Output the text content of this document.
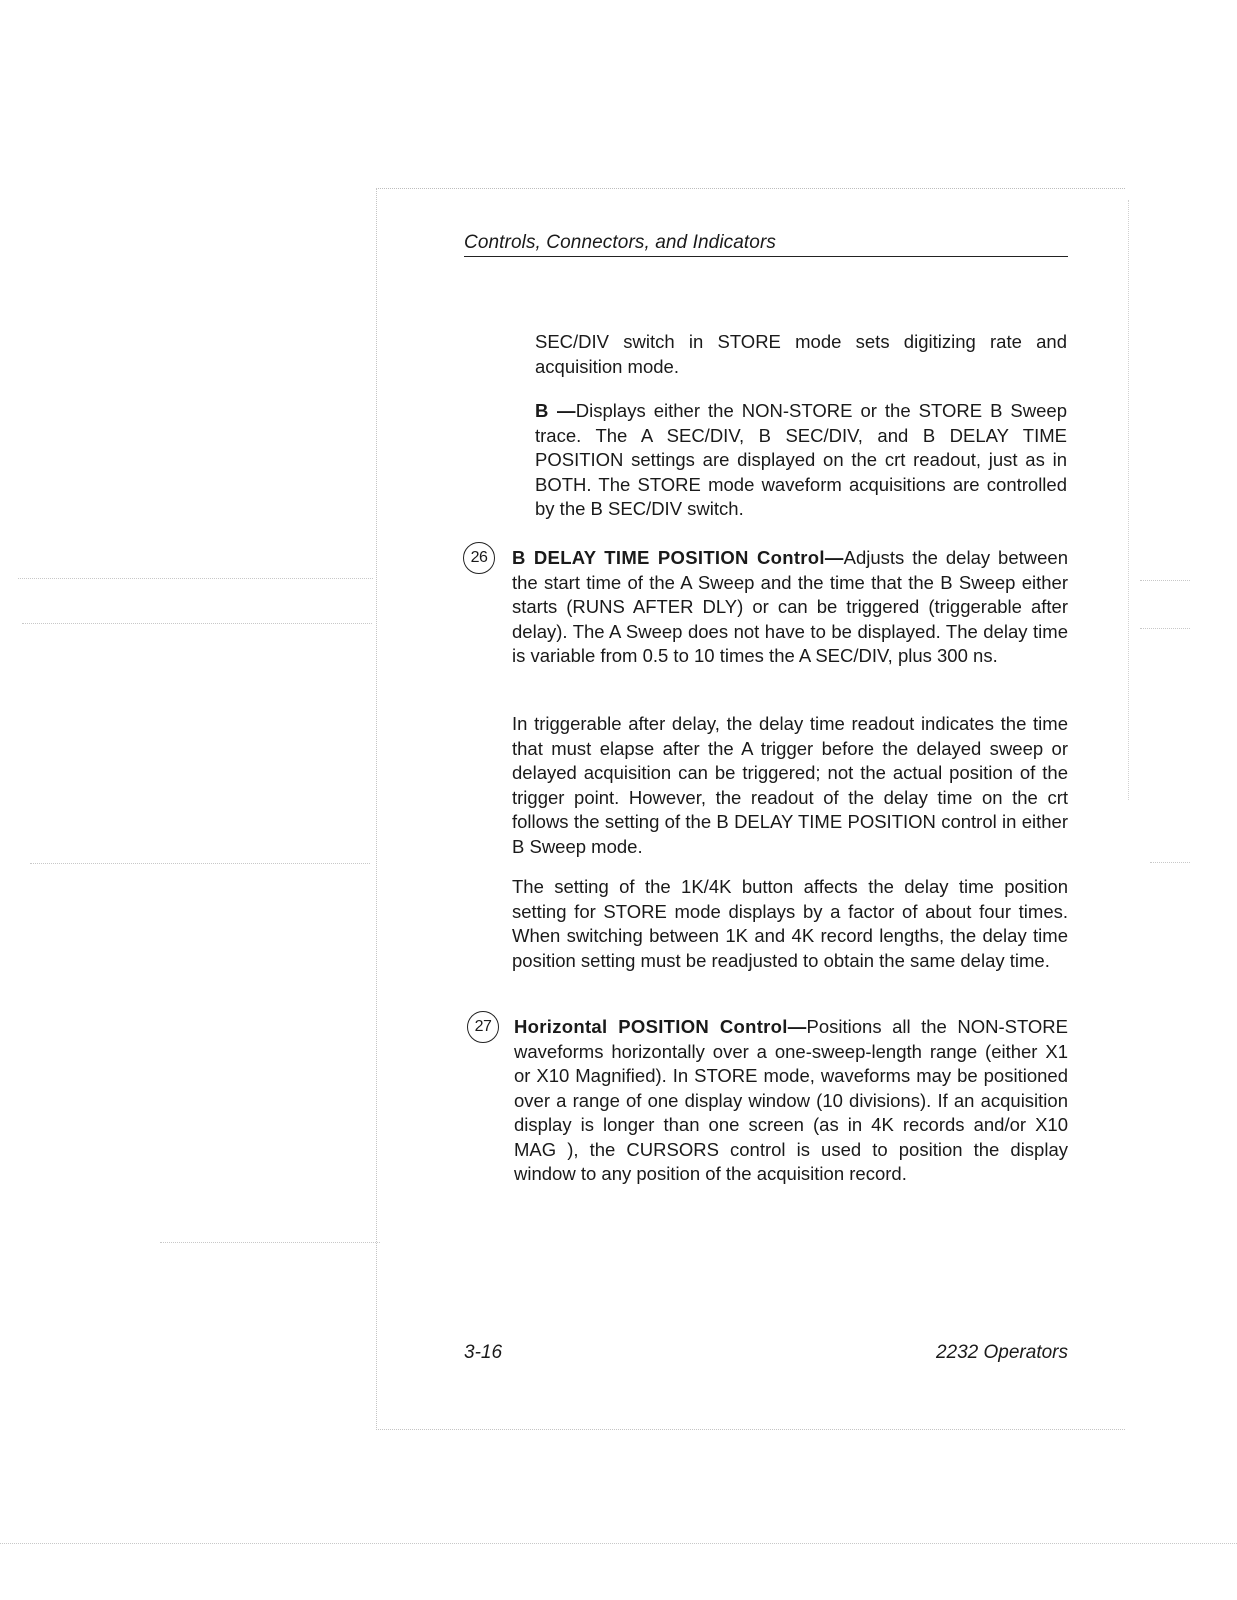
Controls, Connectors, and Indicators
SEC/DIV switch in STORE mode sets digitizing rate and acquisition mode.
B —Displays either the NON-STORE or the STORE B Sweep trace. The A SEC/DIV, B SEC/DIV, and B DELAY TIME POSITION settings are displayed on the crt readout, just as in BOTH. The STORE mode waveform acquisitions are controlled by the B SEC/DIV switch.
26	B DELAY TIME POSITION Control—Adjusts the delay between the start time of the A Sweep and the time that the B Sweep either starts (RUNS AFTER DLY) or can be triggered (triggerable after delay). The A Sweep does not have to be displayed. The delay time is variable from 0.5 to 10 times the A SEC/DIV, plus 300 ns.
In triggerable after delay, the delay time readout indicates the time that must elapse after the A trigger before the delayed sweep or delayed acquisition can be triggered; not the actual position of the trigger point. However, the readout of the delay time on the crt follows the setting of the B DELAY TIME POSITION control in either B Sweep mode.
The setting of the 1K/4K button affects the delay time position setting for STORE mode displays by a factor of about four times. When switching between 1K and 4K record lengths, the delay time position setting must be readjusted to obtain the same delay time.
27	Horizontal POSITION Control—Positions all the NON-STORE waveforms horizontally over a one-sweep-length range (either X1 or X10 Magnified). In STORE mode, waveforms may be positioned over a range of one display window (10 divisions). If an acquisition display is longer than one screen (as in 4K records and/or X10 MAG ), the CURSORS control is used to position the display window to any position of the acquisition record.
3-16	2232 Operators
